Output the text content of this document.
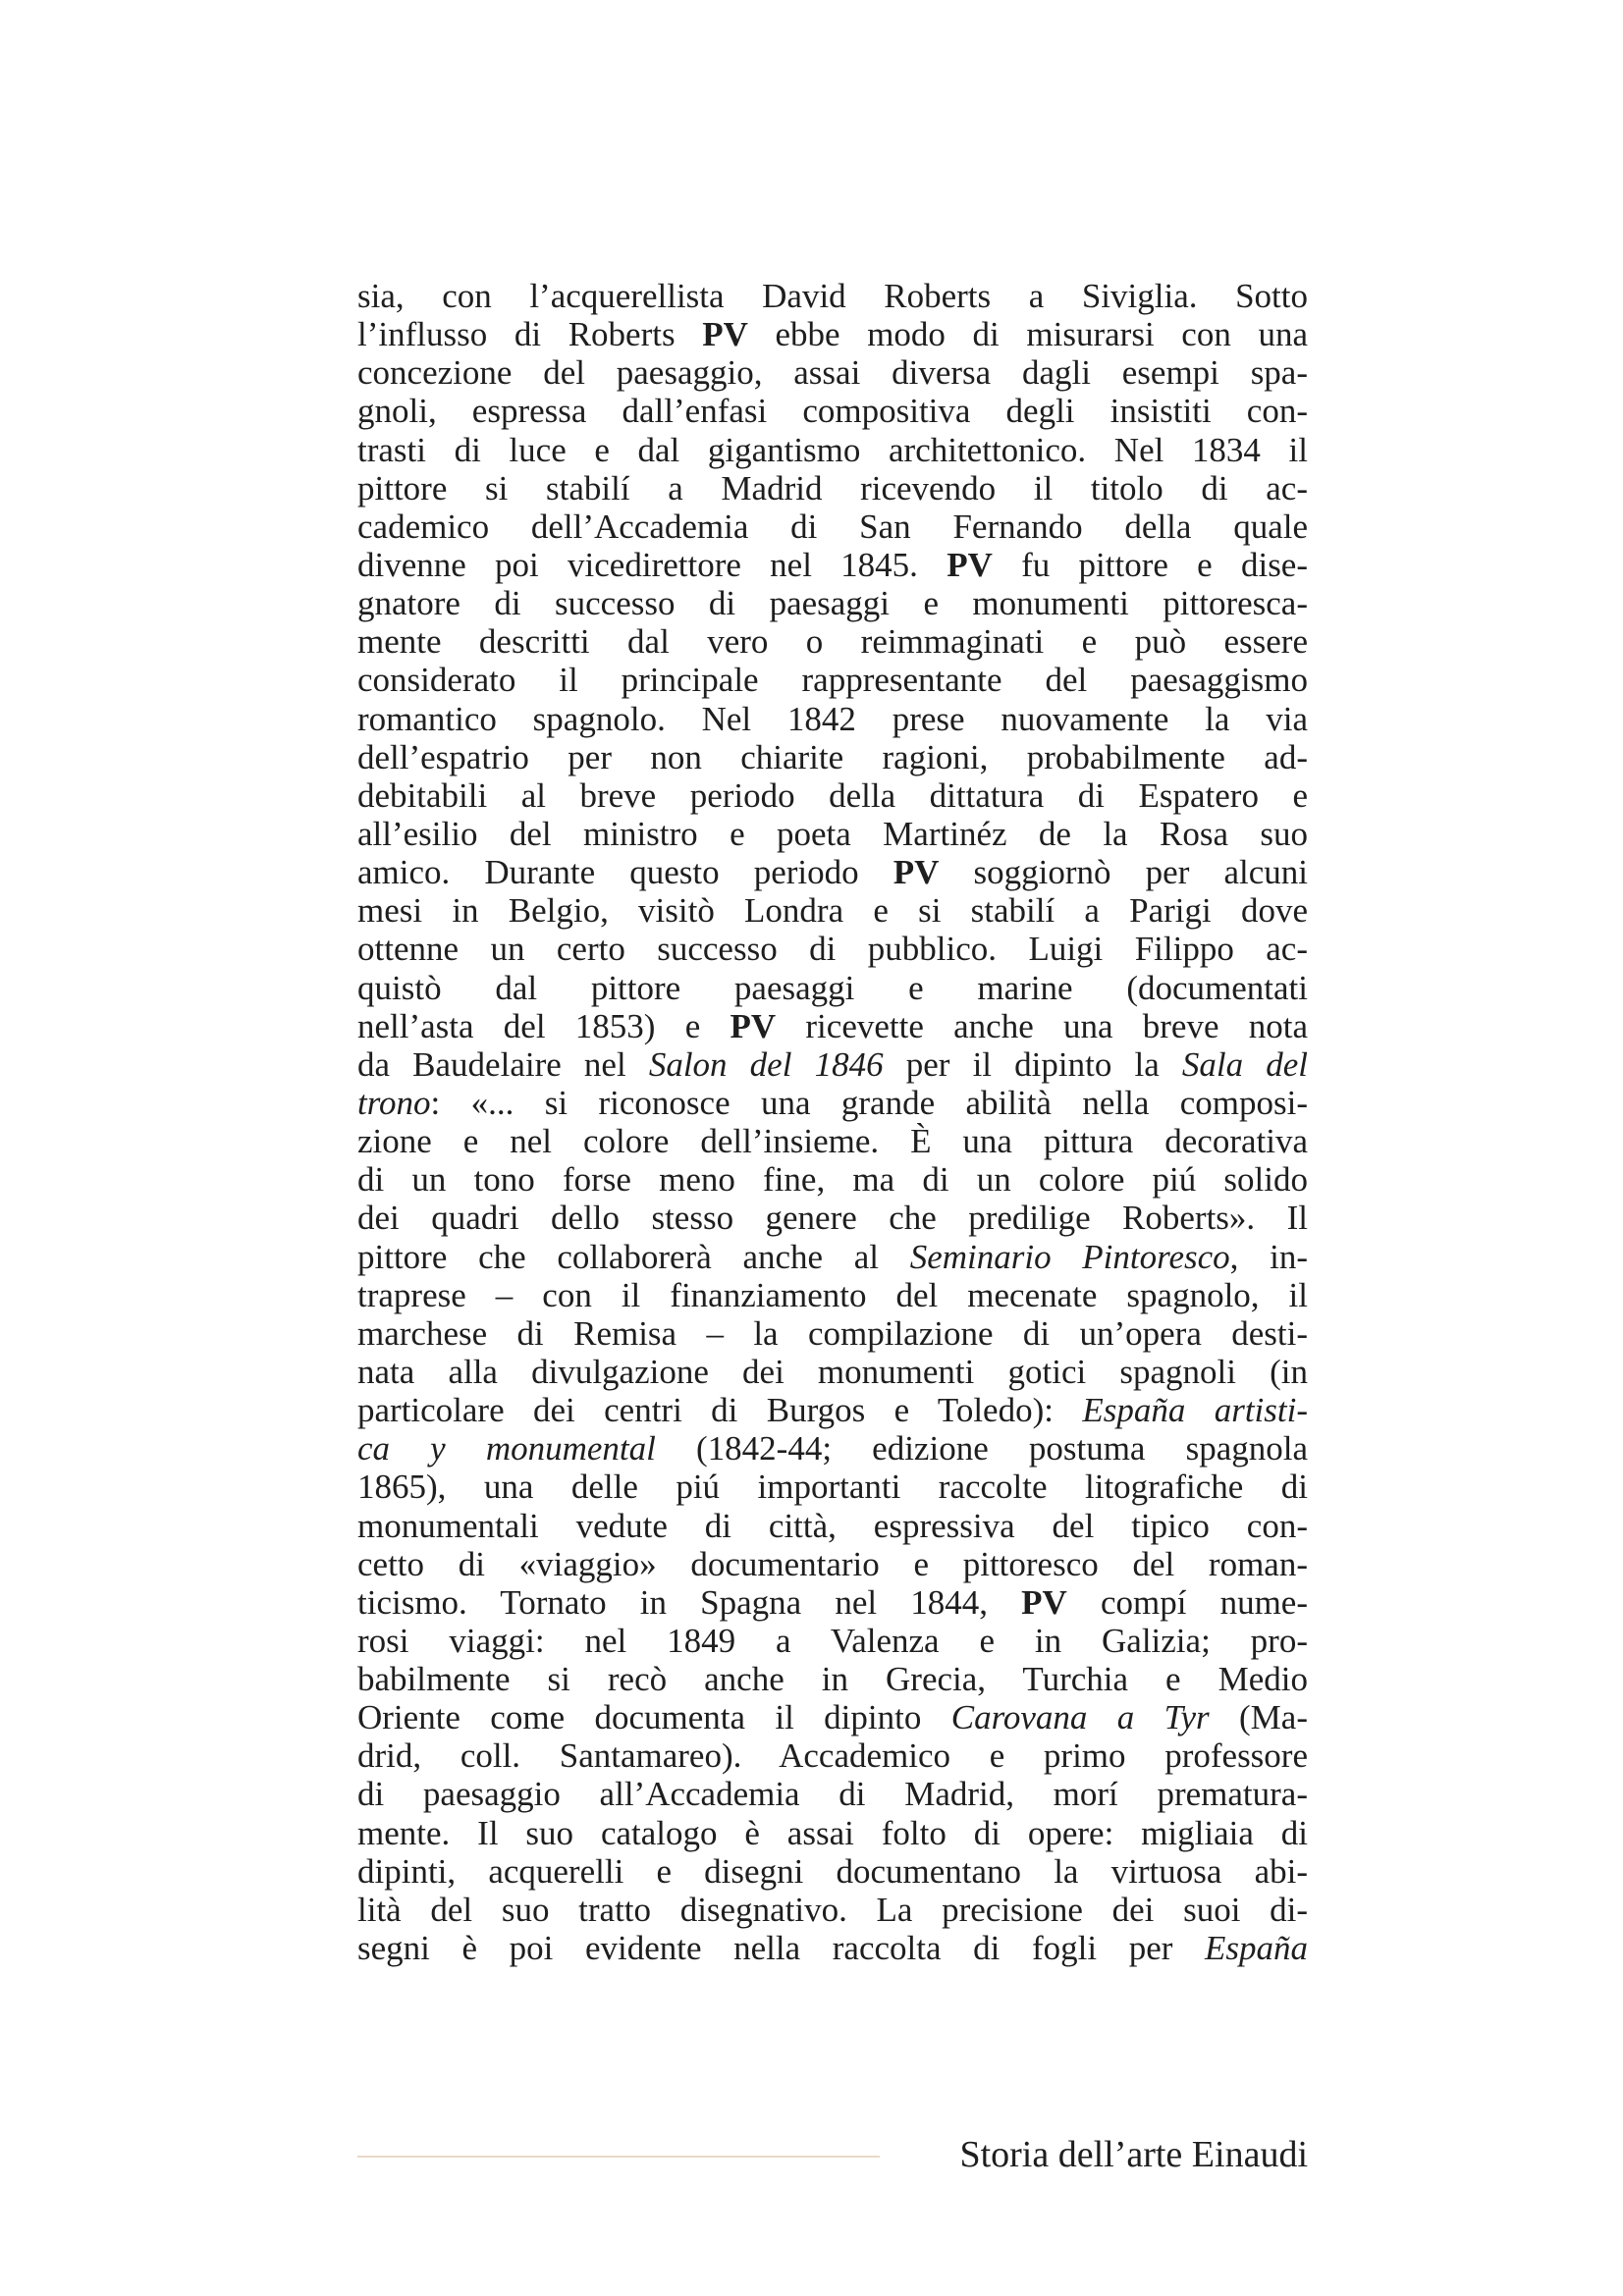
sia, con l’acquerellista David Roberts a Siviglia. Sotto
l’influsso di Roberts PV ebbe modo di misurarsi con una
concezione del paesaggio, assai diversa dagli esempi spa-
gnoli, espressa dall’enfasi compositiva degli insistiti con-
trasti di luce e dal gigantismo architettonico. Nel 1834 il
pittore si stabilí a Madrid ricevendo il titolo di ac-
cademico dell’Accademia di San Fernando della quale
divenne poi vicedirettore nel 1845. PV fu pittore e dise-
gnatore di successo di paesaggi e monumenti pittoresca-
mente descritti dal vero o reimmaginati e può essere
considerato il principale rappresentante del paesaggismo
romantico spagnolo. Nel 1842 prese nuovamente la via
dell’espatrio per non chiarite ragioni, probabilmente ad-
debitabili al breve periodo della dittatura di Espatero e
all’esilio del ministro e poeta Martinéz de la Rosa suo
amico. Durante questo periodo PV soggiornò per alcuni
mesi in Belgio, visitò Londra e si stabilí a Parigi dove
ottenne un certo successo di pubblico. Luigi Filippo ac-
quistò dal pittore paesaggi e marine (documentati
nell’asta del 1853) e PV ricevette anche una breve nota
da Baudelaire nel Salon del 1846 per il dipinto la Sala del
trono: «... si riconosce una grande abilità nella composi-
zione e nel colore dell’insieme. È una pittura decorativa
di un tono forse meno fine, ma di un colore piú solido
dei quadri dello stesso genere che predilige Roberts». Il
pittore che collaborerà anche al Seminario Pintoresco, in-
traprese – con il finanziamento del mecenate spagnolo, il
marchese di Remisa – la compilazione di un’opera desti-
nata alla divulgazione dei monumenti gotici spagnoli (in
particolare dei centri di Burgos e Toledo): España artisti-
ca y monumental (1842-44; edizione postuma spagnola
1865), una delle piú importanti raccolte litografiche di
monumentali vedute di città, espressiva del tipico con-
cetto di «viaggio» documentario e pittoresco del roman-
ticismo. Tornato in Spagna nel 1844, PV compí nume-
rosi viaggi: nel 1849 a Valenza e in Galizia; pro-
babilmente si recò anche in Grecia, Turchia e Medio
Oriente come documenta il dipinto Carovana a Tyr (Ma-
drid, coll. Santamareo). Accademico e primo professore
di paesaggio all’Accademia di Madrid, morí prematura-
mente. Il suo catalogo è assai folto di opere: migliaia di
dipinti, acquerelli e disegni documentano la virtuosa abi-
lità del suo tratto disegnativo. La precisione dei suoi di-
segni è poi evidente nella raccolta di fogli per España
Storia dell’arte Einaudi
